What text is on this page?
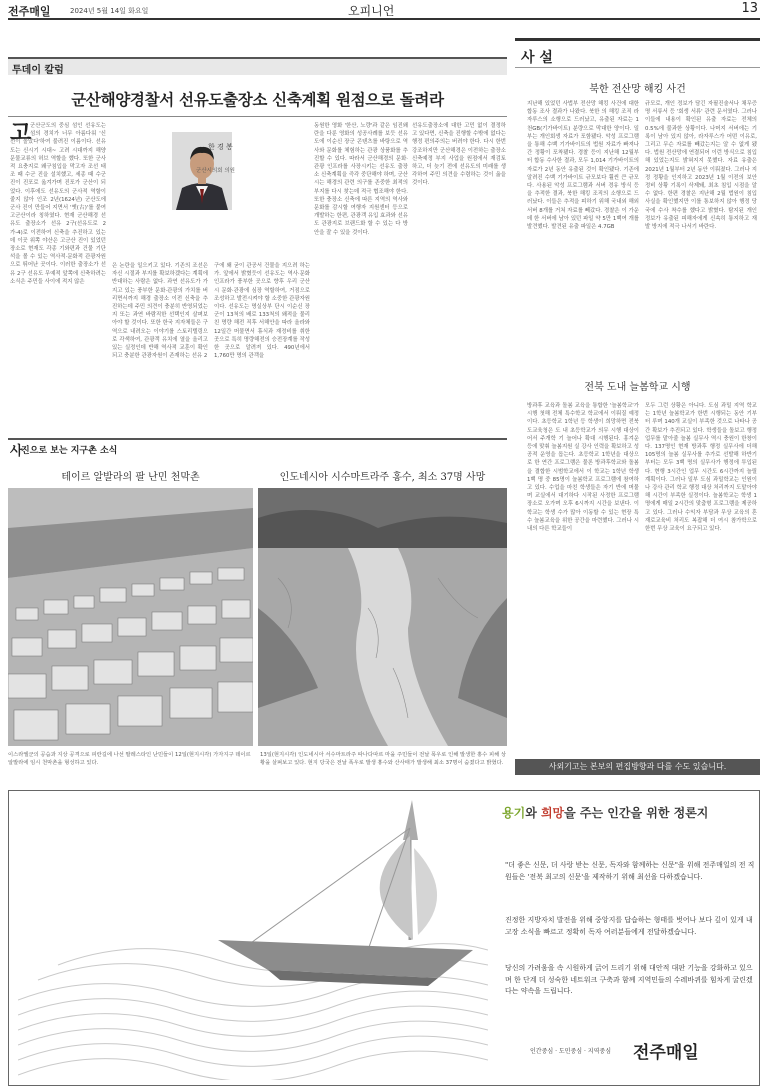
전주매일	2024년 5월 14일 화요일	오피니언	13
투데이 칼럼
군산해양경찰서 선유도출장소 신축계획 원점으로 돌려라
군산군도의 중심 섬인 선유도는 섬의 경치가 너무 아름다워 '신선이 놀았다'하여 불려진 이름이다. 선유도는 신시기 시대~ 고려 시대까지 해양문물교류의 허브 역할을 했다. 또한 군사적 요충지로 왜구침입을 막고자 조선 태조 때 수군 진을 설치했고, 세종 때 수군 진이 진포로 옮겨가며 진포가 군산이 되었다. 이후에도 선유도의 군사적 역할이 줄지 않아 인조 2년(1624년) 군산도에 군사 진이 만들어 지면서 '옛(古)'를 붙여 고군산이라 칭하였다. 현재 군산해경 선유도 출장소가 선유 2구(선유도로 2가-4)로 이전하여 신축을 추진하고 있는데 이곳 위쪽 야산은 고군산 진이 있었던 장소로 현재도 각종 기와편과 건물 기단석을 볼 수 있는 역사적·문화적 관광자원으로 뛰어난 곳이다. 이러한 출장소가 선유 2구 선유도 무예적 앞쪽에 신축하려는 소식은 주민들 사이에 적지 않은
고
한 경 봉
군산시의회 의원
은 논란을 일으키고 있다. 기존의 조선은 자신 시절과 부지를 확보하겠다는 계획에 반대하는 사람은 없다. 과연 선유도가 가지고 있는 풍부한 문화·관광의 가치를 버리면서까지 해경 출장소 이전 신축을 추진하는데 주민 의견이 충분히 반영되었는지 또는 과연 바람직한 선택인지 살펴보아야 할 것이다. 또한 한국 지자체들은 구역으로 내려오는 이야기를 스토리텔링으로 각색하여, 관광객 유치에 열을 올리고 있는 실정인데 반해 역사적 교훈이 확인되고 충분한 관광자원이 존재하는 선유 2
구에 왜 굳이 관공서 건물을 지으려 하는가. 앞에서 밝혔듯이 선유도는 역사·문화 인프라가 풍부한 곳으로 향후 우리 군산시 문화·관광에 심장 역할하여, 거점으로 조성하고 발전시켜야 할 소중한 관광자원이다. 선유도는 명실상부 단시 이순신 장군이 13척의 배로 133척의 왜적을 물리친 명량 해전 직후 서해안을 따라 올라와 12일간 머물면서 휴식과 재정비를 취한 곳으로 특히 명량해전의 승전장계를 작성한 곳으로 알려져 있다. 490년에서 1,760만 명의 관객을
동원한 영화 '한산, 노량'과 같은 임진왜란을 다룬 영화의 성공사례를 보듯 선유도에 이순신 장군 콘텐츠를 바탕으로 역사와 문화를 체험하는 관광 상품화를 추진할 수 있다. 따라서 군산해경의 문화·관광 인프라를 사장시키는 선유도 출장소 신축계획을 즉각 중단해야 하며, 군산시는 해경의 관련 의구를 존중한 최적의 부지를 다시 찾는데 적극 협조해야 한다. 또한 충장소 신축에 따른 지역의 역사와 문화를 감시할 여행자 지원센터 등으로 개발하는 한편, 관광객 유입 효과와 선유도 관광지로 브랜드화 할 수 있는 다 방안을 잘 수 있을 것이다.
선유도출장소에 대한 고민 없이 결정하고 있다면, 신축을 진행할 수밖에 없다는 행정 편의주의는 버려야 한다. 다시 한번 강조하지만 군산해경은 이전하는 출장소 신축예정 부지 사업을 원점에서 재검토하고, 더 늦기 전에 선유도의 미래를 생각하여 주민 의견을 수렴하는 것이 옳을 것이다.
사
진으로 보는 지구촌 소식
테이르 알발라의 팔 난민 천막촌	인도네시아 시수마트라주 홍수, 최소 37명 사망
이스라엘군의 공습과 지상 공격으로 피란길에 나선 팔레스타인 난민들이 12일(현지시각) 가자지구 데이르 알발라에 임시 천막촌을 형성하고 있다.
13일(현지시각) 인도네시아 서수마트라주 따나다따르 마을 주민들이 전날 폭우로 인해 발생한 홍수 피해 상황을 살펴보고 있다. 현지 당국은 전날 폭우로 발생 홍수와 산사태가 발생해 최소 37명이 숨졌다고 밝혔다.
사 설
북한 전산망 해킹 사건
지난해 있었던 사법부 전산망 해킹 사건에 대한 합동 조사 결과가 나왔다. 북한 의 해킹 조직 라자루스의 소행으로 드러났고, 유출된 자료는 1천GB(기가바이트) 분량으로 막대한 양이다. 일부는 개인회생 자료가 포함됐다. 악성 프로그램을 통해 수백 기가바이트의 법원 자료가 빠져나간 정황이 포착됐다. 경찰 등이 지난해 12월부터 합동 수사한 결과, 모두 1,014 기가바이트의 자료가 2년 동안 유출된 것이 확인됐다. 기존에 알려진 수백 기가바이트 규모보다 훨씬 큰 규모다. 사용된 악성 프로그램과 서버 경유 방식 등을 추적한 결과, 북한 해킹 조직의 소행으로 드러났다. 이들은 추적을 피하기 위해 국내외 해외 서버 8개를 거쳐 자료를 빼갔다. 경찰은 이 가운데 한 서버에 남아 있던 파일 약 5만 1백여 개를 발견했다. 발견된 유출 파일은 4.7GB
규모로, 개인 정보가 담긴 자필진술서나 채무증명 서류서 등 '회생 서류' 관련 문서였다. 그러나 이들에 내용이 확인된 유출 자료는 전체의 0.5%에 불과한 상황이다. 나머지 서버에는 기록이 남아 있지 않아, 라자루스가 어떤 이유로, 그리고 무슨 자료를 빼갔는지는 알 수 없게 됐다. 법원 전산망에 연결되어 이런 방식으로 침입해 있었는지도 밝혀지지 못했다. 자료 유출은 2021년 1월부터 2년 동안 이뤄졌다. 그러나 지정 정황을 인지하고 2023년 1월 이전의 보안 정비 상황 기록이 삭제돼, 최초 침입 시점을 알 수 없다. 한편 경찰은 지난해 2월 법원이 침입 사실을 확인했지만 이를 통보하지 않아 행정 당국에 수사 착수를 했다고 밝혔다. 탐지된 개인 정보가 유출된 피해자에게 신속히 통지하고 재발 방지에 적극 나서기 바란다.
전북 도내 늘봄학교 시행
방과후 교육과 돌봄 교육을 통합한 '늘봄학교'가 시행 첫해 전체 특수학교 학교에서 이뤄질 예정이다. 초등학교 1학년 등 학생이 희망하면 전북도교육청은 도 내 초등학교가 의무 시행 대상이어서 주개학 기 늘어나 확대 시행된다. 흥겨운 등에 맞춰 늘봄지원 실 강사 인력을 확보하고 성공적 운영을 돕는다. 초등학교 1학년을 대상으로 한 연간 프로그램은 물론 방과후학교와 돌봄을 결합한 시범학교에서 이 학교는 1학년 학생 1백 명 중 85명이 늘봄학교 프로그램에 참여하고 있다. 수업을 마친 학생들은 자기 반에 머물며 교실에서 대기하다 시작된 사정한 프로그램 장소로 오가며 오후 6시까지 시간을 보낸다. 이 학교는 학생 수가 많아 이동할 수 있는 현장 특수 늘봄교육을 위한 공간을 마련했다. 그러나 시내의 다른 학교들이
모두 그런 상황은 아니다. 도심 과밀 지역 학교는 1학년 늘봄학교가 한번 시행되는 동안 기부터 루며 140개 교실이 부족한 것으로 나타나 공간 확보가 추진되고 있다. 학생들을 돌보고 행정 업무를 맡아줄 늘봄 실무사 역시 충원이 한창이다. 137명인 현재 방과후 행정 실무사에 더해 105명의 늘봄 실무사를 추가로 선발해 하반기부터는 모두 3백 명의 실무사가 행정에 투입된다. 현행 3시간인 업무 시간도 6시간까지 늘릴 계획이다. 그러나 일부 도심 과밀학교는 인원이나 강사 관리 학교 행정 대상 처리까지 도맡아야 해 시간이 부족한 실정이다. 늘봄학교는 학생 1명에게 매일 2시간의 맞춤형 프로그램을 제공하고 있다. 그러나 수익자 부담과 무상 교육의 혼재로교육비 처리도 복잡해 더 여시 참가학으로 한번 무상 교육이 요구되고 있다.
사외기고는 본보의 편집방향과 다를 수도 있습니다.
용기와 희망을 주는 인간을 위한 정론지
"더 좋은 신문, 더 사랑 받는 신문, 독자와 함께하는 신문"을 위해 전주매일의 전 직원들은 '전북 최고의 신문'을 제작하기 위해 최선을 다하겠습니다.
진정한 지방자치 발전을 위해 중앙지를 답습하는 형태를 벗어나 보다 깊이 있게 내 고장 소식을 빠르고 정확히 독자 여러분들에게 전달하겠습니다.
당신의 가려움을 속 시원하게 긁어 드리기 위해 대안적 대판 기능을 강화하고 있으며 한 단계 더 성숙한 네트워크 구축과 함께 지역민들의 수레바퀴를 힘차게 굴린겠다는 약속을 드립니다.
인간중심 · 도민중심 · 지역중심 전주매일
